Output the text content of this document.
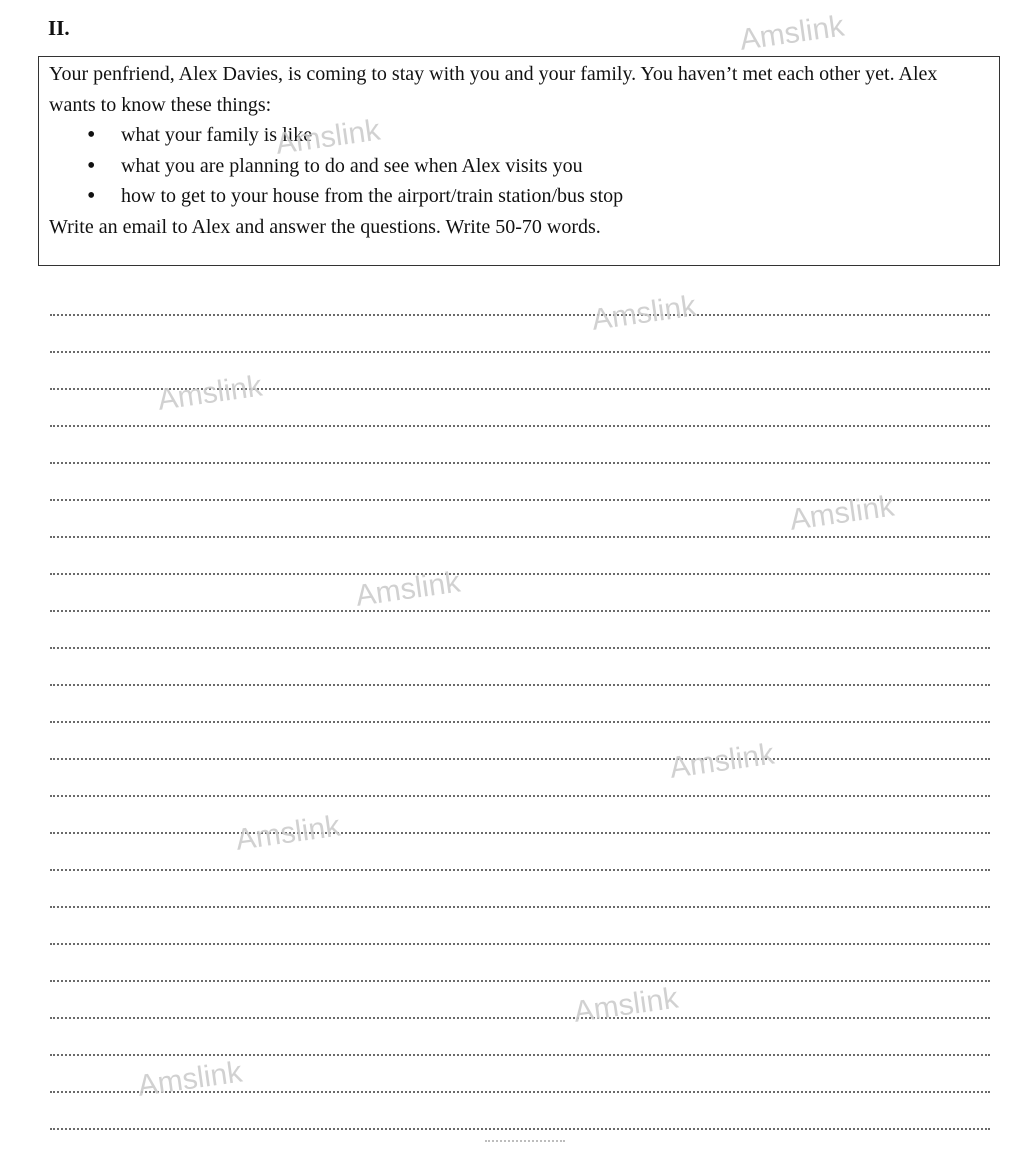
II.

Your penfriend, Alex Davies, is coming to stay with you and your family. You haven’t met each other yet. Alex wants to know these things:

• what your family is like
• what you are planning to do and see when Alex visits you
• how to get to your house from the airport/train station/bus stop

Write an email to Alex and answer the questions. Write 50-70 words.

Amslink
Amslink
Amslink
Amslink
Amslink
Amslink
Amslink
Amslink
Amslink
Amslink
